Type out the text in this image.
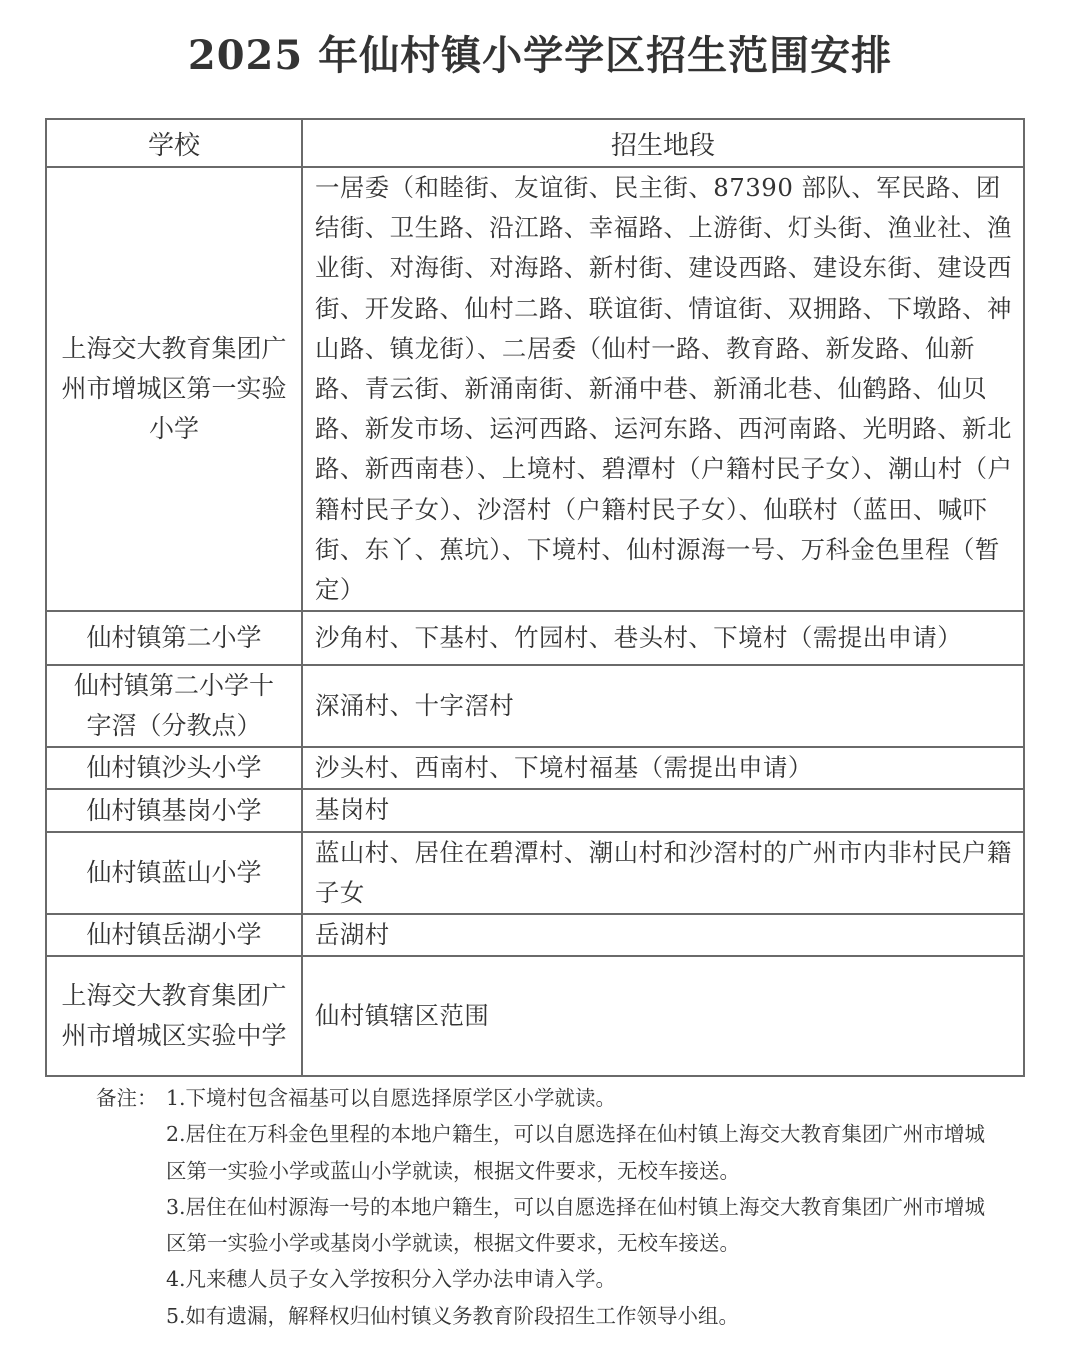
2025 年仙村镇小学学区招生范围安排
学校	招生地段
上海交大教育集团广州市增城区第一实验小学	一居委（和睦街、友谊街、民主街、87390 部队、军民路、团结街、卫生路、沿江路、幸福路、上游街、灯头街、渔业社、渔业街、对海街、对海路、新村街、建设西路、建设东街、建设西街、开发路、仙村二路、联谊街、情谊街、双拥路、下墩路、神山路、镇龙街）、二居委（仙村一路、教育路、新发路、仙新路、青云街、新涌南街、新涌中巷、新涌北巷、仙鹤路、仙贝路、新发市场、运河西路、运河东路、西河南路、光明路、新北路、新西南巷）、上境村、碧潭村（户籍村民子女）、潮山村（户籍村民子女）、沙滘村（户籍村民子女）、仙联村（蓝田、喊吓街、东丫、蕉坑）、下境村、仙村源海一号、万科金色里程（暂定）
仙村镇第二小学	沙角村、下基村、竹园村、巷头村、下境村（需提出申请）
仙村镇第二小学十字滘（分教点）	深涌村、十字滘村
仙村镇沙头小学	沙头村、西南村、下境村福基（需提出申请）
仙村镇基岗小学	基岗村
仙村镇蓝山小学	蓝山村、居住在碧潭村、潮山村和沙滘村的广州市内非村民户籍子女
仙村镇岳湖小学	岳湖村
上海交大教育集团广州市增城区实验中学	仙村镇辖区范围
备注： 1.下境村包含福基可以自愿选择原学区小学就读。
2.居住在万科金色里程的本地户籍生，可以自愿选择在仙村镇上海交大教育集团广州市增城区第一实验小学或蓝山小学就读，根据文件要求，无校车接送。
3.居住在仙村源海一号的本地户籍生，可以自愿选择在仙村镇上海交大教育集团广州市增城区第一实验小学或基岗小学就读，根据文件要求，无校车接送。
4.凡来穗人员子女入学按积分入学办法申请入学。
5.如有遗漏，解释权归仙村镇义务教育阶段招生工作领导小组。
